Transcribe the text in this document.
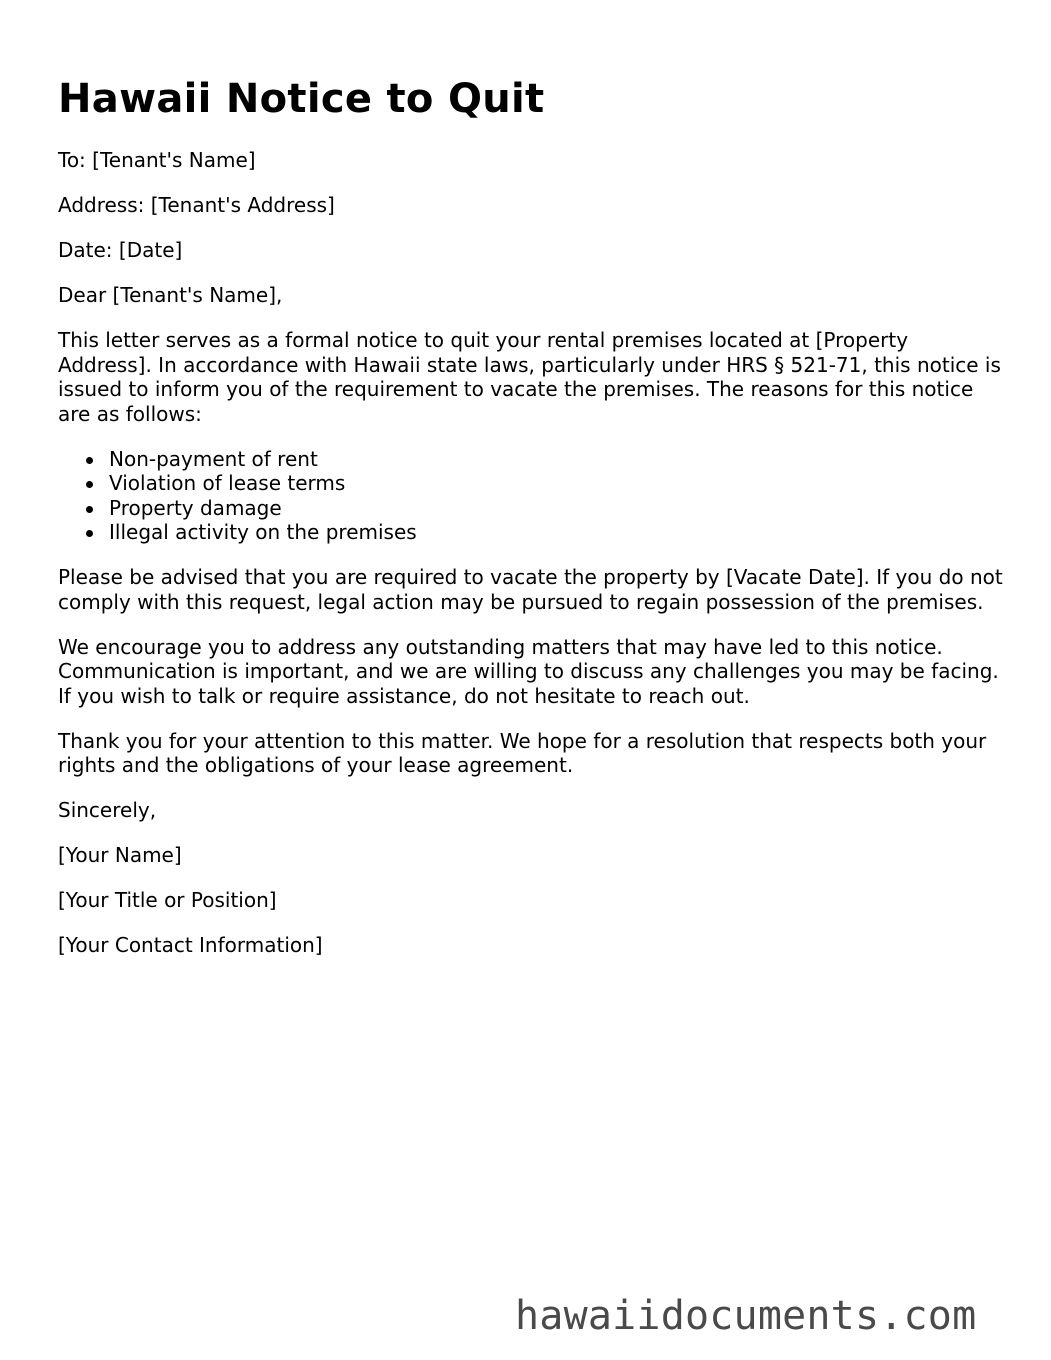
Hawaii Notice to Quit

To: [Tenant's Name]

Address: [Tenant's Address]

Date: [Date]

Dear [Tenant's Name],

This letter serves as a formal notice to quit your rental premises located at [Property Address]. In accordance with Hawaii state laws, particularly under HRS § 521-71, this notice is issued to inform you of the requirement to vacate the premises. The reasons for this notice are as follows:

Non-payment of rent
Violation of lease terms
Property damage
Illegal activity on the premises

Please be advised that you are required to vacate the property by [Vacate Date]. If you do not comply with this request, legal action may be pursued to regain possession of the premises.

We encourage you to address any outstanding matters that may have led to this notice. Communication is important, and we are willing to discuss any challenges you may be facing. If you wish to talk or require assistance, do not hesitate to reach out.

Thank you for your attention to this matter. We hope for a resolution that respects both your rights and the obligations of your lease agreement.

Sincerely,

[Your Name]

[Your Title or Position]

[Your Contact Information]

hawaiidocuments.com
